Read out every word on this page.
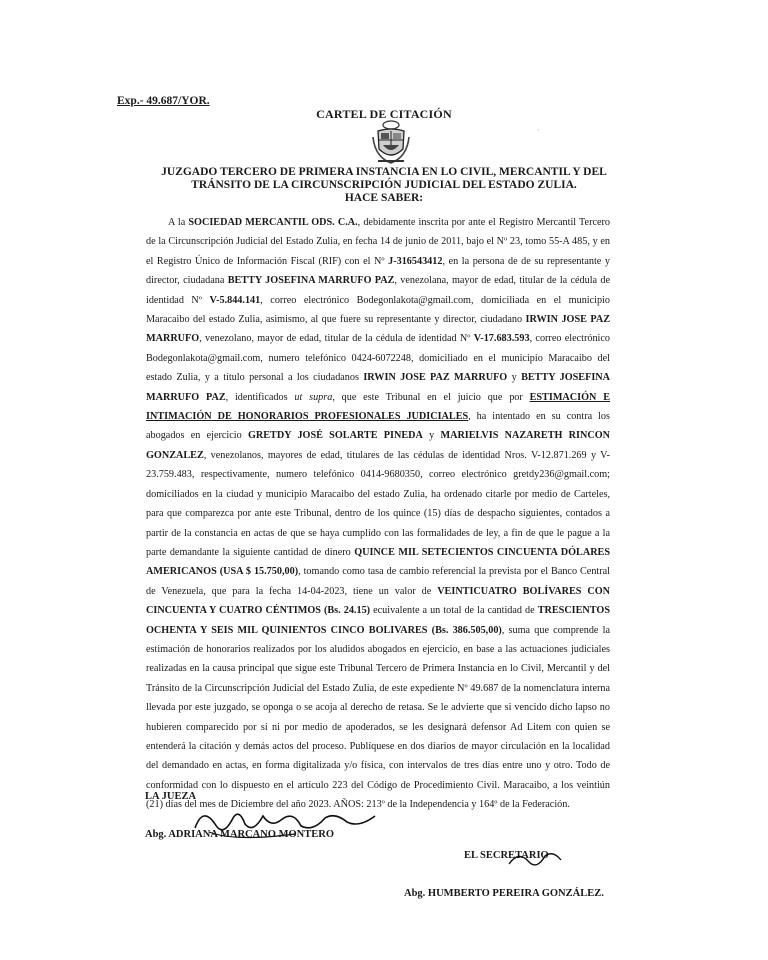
Exp.- 49.687/YOR.
·
CARTEL DE CITACIÓN
JUZGADO TERCERO DE PRIMERA INSTANCIA EN LO CIVIL, MERCANTIL Y DEL
TRÁNSITO DE LA CIRCUNSCRIPCIÓN JUDICIAL DEL ESTADO ZULIA.
HACE SABER:
A la SOCIEDAD MERCANTIL ODS. C.A., debidamente inscrita por ante el Registro Mercantil Tercero de la Circunscripción Judicial del Estado Zulia, en fecha 14 de junio de 2011, bajo el Nº 23, tomo 55-A 485, y en el Registro Único de Información Fiscal (RIF) con el Nº J-316543412, en la persona de de su representante y director, ciudadana BETTY JOSEFINA MARRUFO PAZ, venezolana, mayor de edad, titular de la cédula de identidad Nº V-5.844.141, correo electrónico Bodegonlakota@gmail.com, domiciliada en el municipio Maracaibo del estado Zulia, asimismo, al que fuere su representante y director, ciudadano IRWIN JOSE PAZ MARRUFO, venezolano, mayor de edad, titular de la cédula de identidad Nº V-17.683.593, correo electrónico Bodegonlakota@gmail.com, numero telefónico 0424-6072248, domiciliado en el municipio Maracaibo del estado Zulia, y a título personal a los ciudadanos IRWIN JOSE PAZ MARRUFO y BETTY JOSEFINA MARRUFO PAZ, identificados ut supra, que este Tribunal en el juicio que por ESTIMACIÓN E INTIMACIÓN DE HONORARIOS PROFESIONALES JUDICIALES, ha intentado en su contra los abogados en ejercicio GRETDY JOSÉ SOLARTE PINEDA y MARIELVIS NAZARETH RINCON GONZALEZ, venezolanos, mayores de edad, titulares de las cédulas de identidad Nros. V-12.871.269 y V-23.759.483, respectivamente, numero telefónico 0414-9680350, correo electrónico gretdy236@gmail.com; domiciliados en la ciudad y municipio Maracaibo del estado Zulia, ha ordenado citarle por medio de Carteles, para que comparezca por ante este Tribunal, dentro de los quince (15) días de despacho siguientes, contados a partir de la constancia en actas de que se haya cumplido con las formalidades de ley, a fin de que le pague a la parte demandante la siguiente cantidad de dinero QUINCE MIL SETECIENTOS CINCUENTA DÓLARES AMERICANOS (USA $ 15.750,00), tomando como tasa de cambio referencial la prevista por el Banco Central de Venezuela, que para la fecha 14-04-2023, tiene un valor de VEINTICUATRO BOLÍVARES CON CINCUENTA Y CUATRO CÉNTIMOS (Bs. 24.15) ecuivalente a un total de la cantidad de TRESCIENTOS OCHENTA Y SEIS MIL QUINIENTOS CINCO BOLIVARES (Bs. 386.505,00), suma que comprende la estimación de honorarios realizados por los aludidos abogados en ejercicio, en base a las actuaciones judiciales realizadas en la causa principal que sigue este Tribunal Tercero de Primera Instancia en lo Civil, Mercantil y del Tránsito de la Circunscripción Judicial del Estado Zulia, de este expediente Nº 49.687 de la nomenclatura interna llevada por este juzgado, se oponga o se acoja al derecho de retasa. Se le advierte que si vencido dicho lapso no hubieren comparecido por sí ni por medio de apoderados, se les designará defensor Ad Litem con quien se entenderá la citación y demás actos del proceso. Publíquese en dos diarios de mayor circulación en la localidad del demandado en actas, en forma digitalizada y/o física, con intervalos de tres días entre uno y otro. Todo de conformidad con lo dispuesto en el artículo 223 del Código de Procedimiento Civil. Maracaibo, a los veintiún (21) días del mes de Diciembre del año 2023. AÑOS: 213º de la Independencia y 164º de la Federación.
LA JUEZA
Abg. ADRIANA MARCANO MONTERO
EL SECRETARIO
Abg. HUMBERTO PEREIRA GONZÁLEZ.
